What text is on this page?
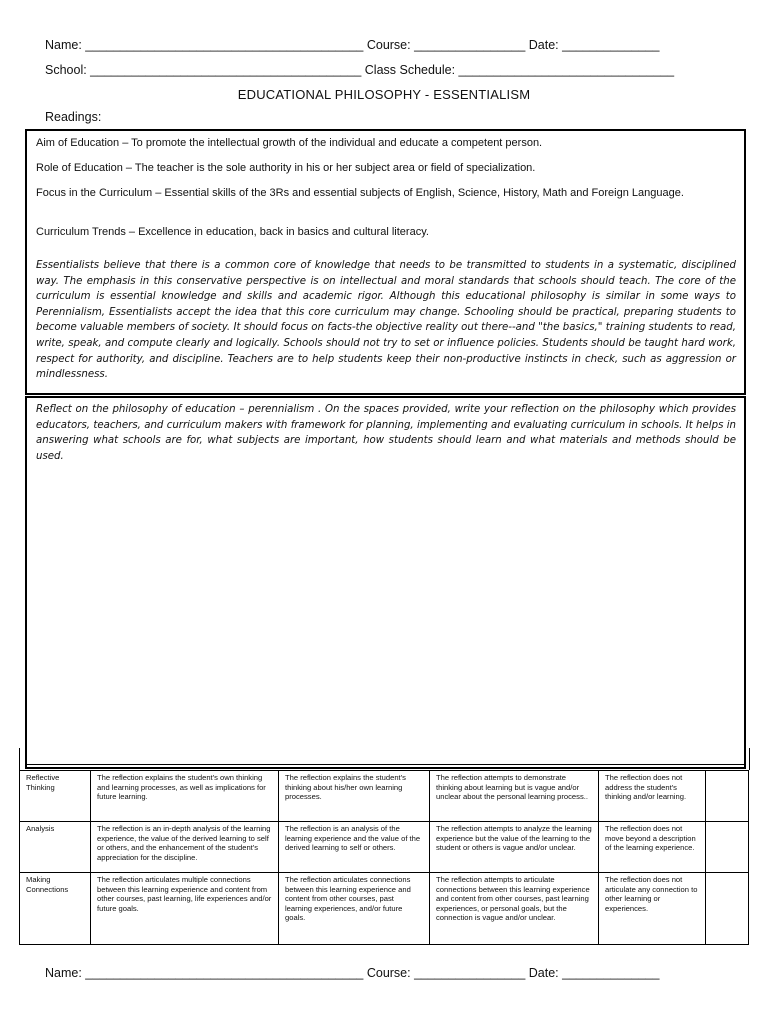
Name: ________________________________________ Course: ________________ Date: ______________
School: _______________________________________ Class Schedule: _______________________________
EDUCATIONAL PHILOSOPHY - ESSENTIALISM
Readings:
Aim of Education – To promote the intellectual growth of the individual and educate a competent person.
Role of Education – The teacher is the sole authority in his or her subject area or field of specialization.
Focus in the Curriculum – Essential skills of the 3Rs and essential subjects of English, Science, History, Math and Foreign Language.
Curriculum Trends – Excellence in education, back in basics and cultural literacy.
Essentialists believe that there is a common core of knowledge that needs to be transmitted to students in a systematic, disciplined way. The emphasis in this conservative perspective is on intellectual and moral standards that schools should teach. The core of the curriculum is essential knowledge and skills and academic rigor. Although this educational philosophy is similar in some ways to Perennialism, Essentialists accept the idea that this core curriculum may change. Schooling should be practical, preparing students to become valuable members of society. It should focus on facts-the objective reality out there--and "the basics," training students to read, write, speak, and compute clearly and logically. Schools should not try to set or influence policies. Students should be taught hard work, respect for authority, and discipline. Teachers are to help students keep their non-productive instincts in check, such as aggression or mindlessness.
Reflect on the philosophy of education – perennialism . On the spaces provided, write your reflection on the philosophy which provides educators, teachers, and curriculum makers with framework for planning, implementing and evaluating curriculum in schools. It helps in answering what schools are for, what subjects are important, how students should learn and what materials and methods should be used.
Reflective Thinking	The reflection explains the student's own thinking and learning processes, as well as implications for future learning.	The reflection explains the student's thinking about his/her own learning processes.	The reflection attempts to demonstrate thinking about learning but is vague and/or unclear about the personal learning process..	The reflection does not address the student's thinking and/or learning.	
Analysis	The reflection is an in-depth analysis of the learning experience, the value of the derived learning to self or others, and the enhancement of the student's appreciation for the discipline.	The reflection is an analysis of the learning experience and the value of the derived learning to self or others.	The reflection attempts to analyze the learning experience but the value of the learning to the student or others is vague and/or unclear.	The reflection does not move beyond a description of the learning experience.	
Making Connections	The reflection articulates multiple connections between this learning experience and content from other courses, past learning, life experiences and/or future goals.	The reflection articulates connections between this learning experience and content from other courses, past learning experiences, and/or future goals.	The reflection attempts to articulate connections between this learning experience and content from other courses, past learning experiences, or personal goals, but the connection is vague and/or unclear.	The reflection does not articulate any connection to other learning or experiences.	
Name: ________________________________________ Course: ________________ Date: ______________
